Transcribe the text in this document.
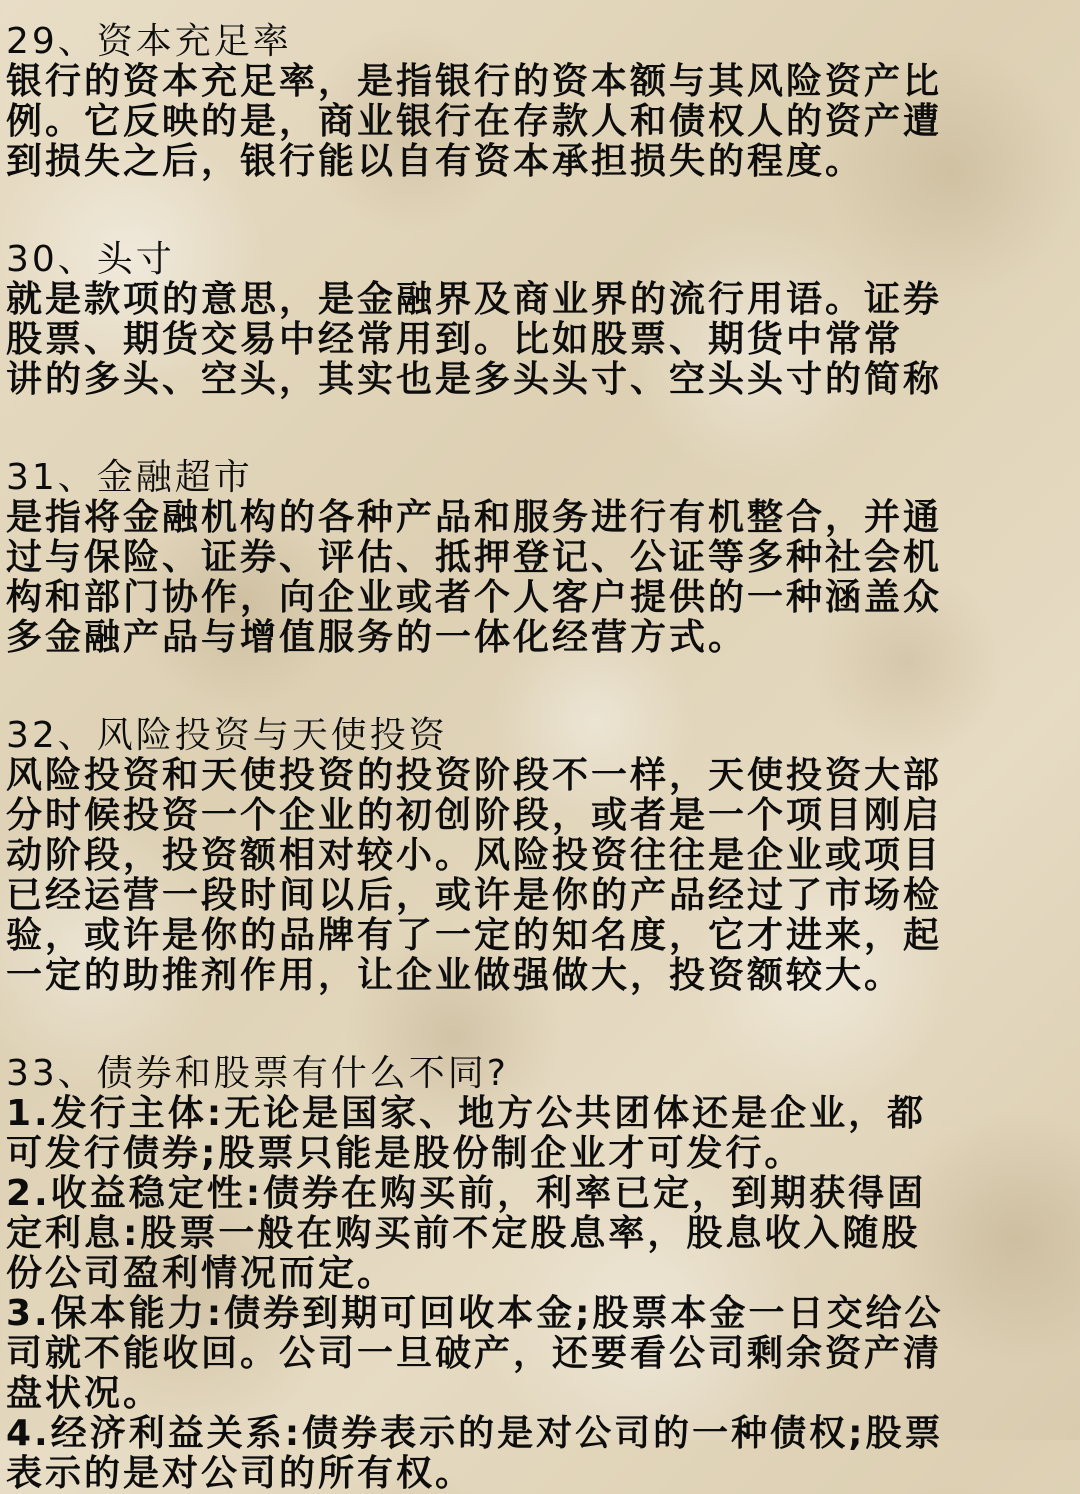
29、资本充足率
银行的资本充足率，是指银行的资本额与其风险资产比
例。它反映的是，商业银行在存款人和债权人的资产遭
到损失之后，银行能以自有资本承担损失的程度。
30、头寸
就是款项的意思，是金融界及商业界的流行用语。证券
股票、期货交易中经常用到。比如股票、期货中常常
讲的多头、空头，其实也是多头头寸、空头头寸的简称
31、金融超市
是指将金融机构的各种产品和服务进行有机整合，并通
过与保险、证券、评估、抵押登记、公证等多种社会机
构和部门协作，向企业或者个人客户提供的一种涵盖众
多金融产品与增值服务的一体化经营方式。
32、风险投资与天使投资
风险投资和天使投资的投资阶段不一样，天使投资大部
分时候投资一个企业的初创阶段，或者是一个项目刚启
动阶段，投资额相对较小。风险投资往往是企业或项目
已经运营一段时间以后，或许是你的产品经过了市场检
验，或许是你的品牌有了一定的知名度，它才进来，起
一定的助推剂作用，让企业做强做大，投资额较大。
33、债券和股票有什么不同?
1.发行主体:无论是国家、地方公共团体还是企业，都
可发行债券;股票只能是股份制企业才可发行。
2.收益稳定性:债券在购买前，利率已定，到期获得固
定利息:股票一般在购买前不定股息率，股息收入随股
份公司盈利情况而定。
3.保本能力:债券到期可回收本金;股票本金一日交给公
司就不能收回。公司一旦破产，还要看公司剩余资产清
盘状况。
4.经济利益关系:债券表示的是对公司的一种债权;股票
表示的是对公司的所有权。
